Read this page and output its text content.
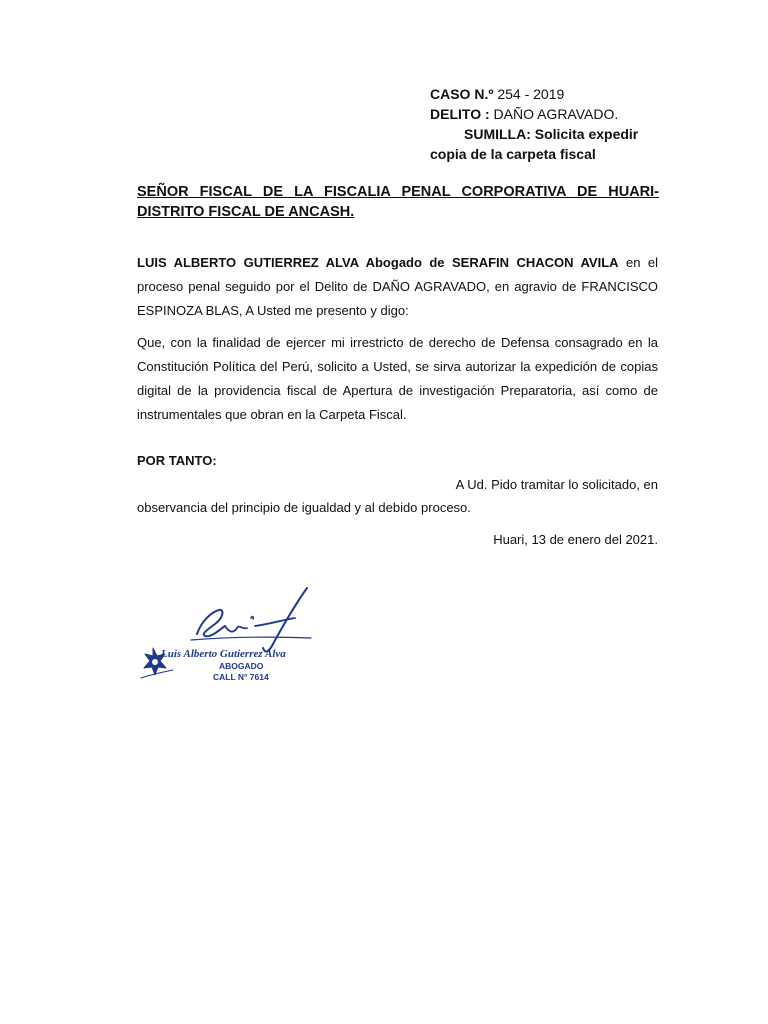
CASO N.º 254 - 2019
DELITO : DAÑO AGRAVADO.
SUMILLA: Solicita expedir
copia de la carpeta fiscal
SEÑOR FISCAL DE LA FISCALIA PENAL CORPORATIVA DE HUARI- DISTRITO FISCAL DE ANCASH.
LUIS ALBERTO GUTIERREZ ALVA Abogado de SERAFIN CHACON AVILA en el proceso penal seguido por el Delito de DAÑO AGRAVADO, en agravio de FRANCISCO ESPINOZA BLAS, A Usted me presento y digo:
Que, con la finalidad de ejercer mi irrestricto de derecho de Defensa consagrado en la Constitución Política del Perú, solicito a Usted, se sirva autorizar la expedición de copias digital de la providencia fiscal de Apertura de investigación Preparatoria, así como de instrumentales que obran en la Carpeta Fiscal.
POR TANTO:
A Ud. Pido tramitar lo solicitado, en
observancia del principio de igualdad y al debido proceso.
Huari, 13 de enero del 2021.
Luis Alberto Gutierrez Alva
ABOGADO
CALL N° 7614
